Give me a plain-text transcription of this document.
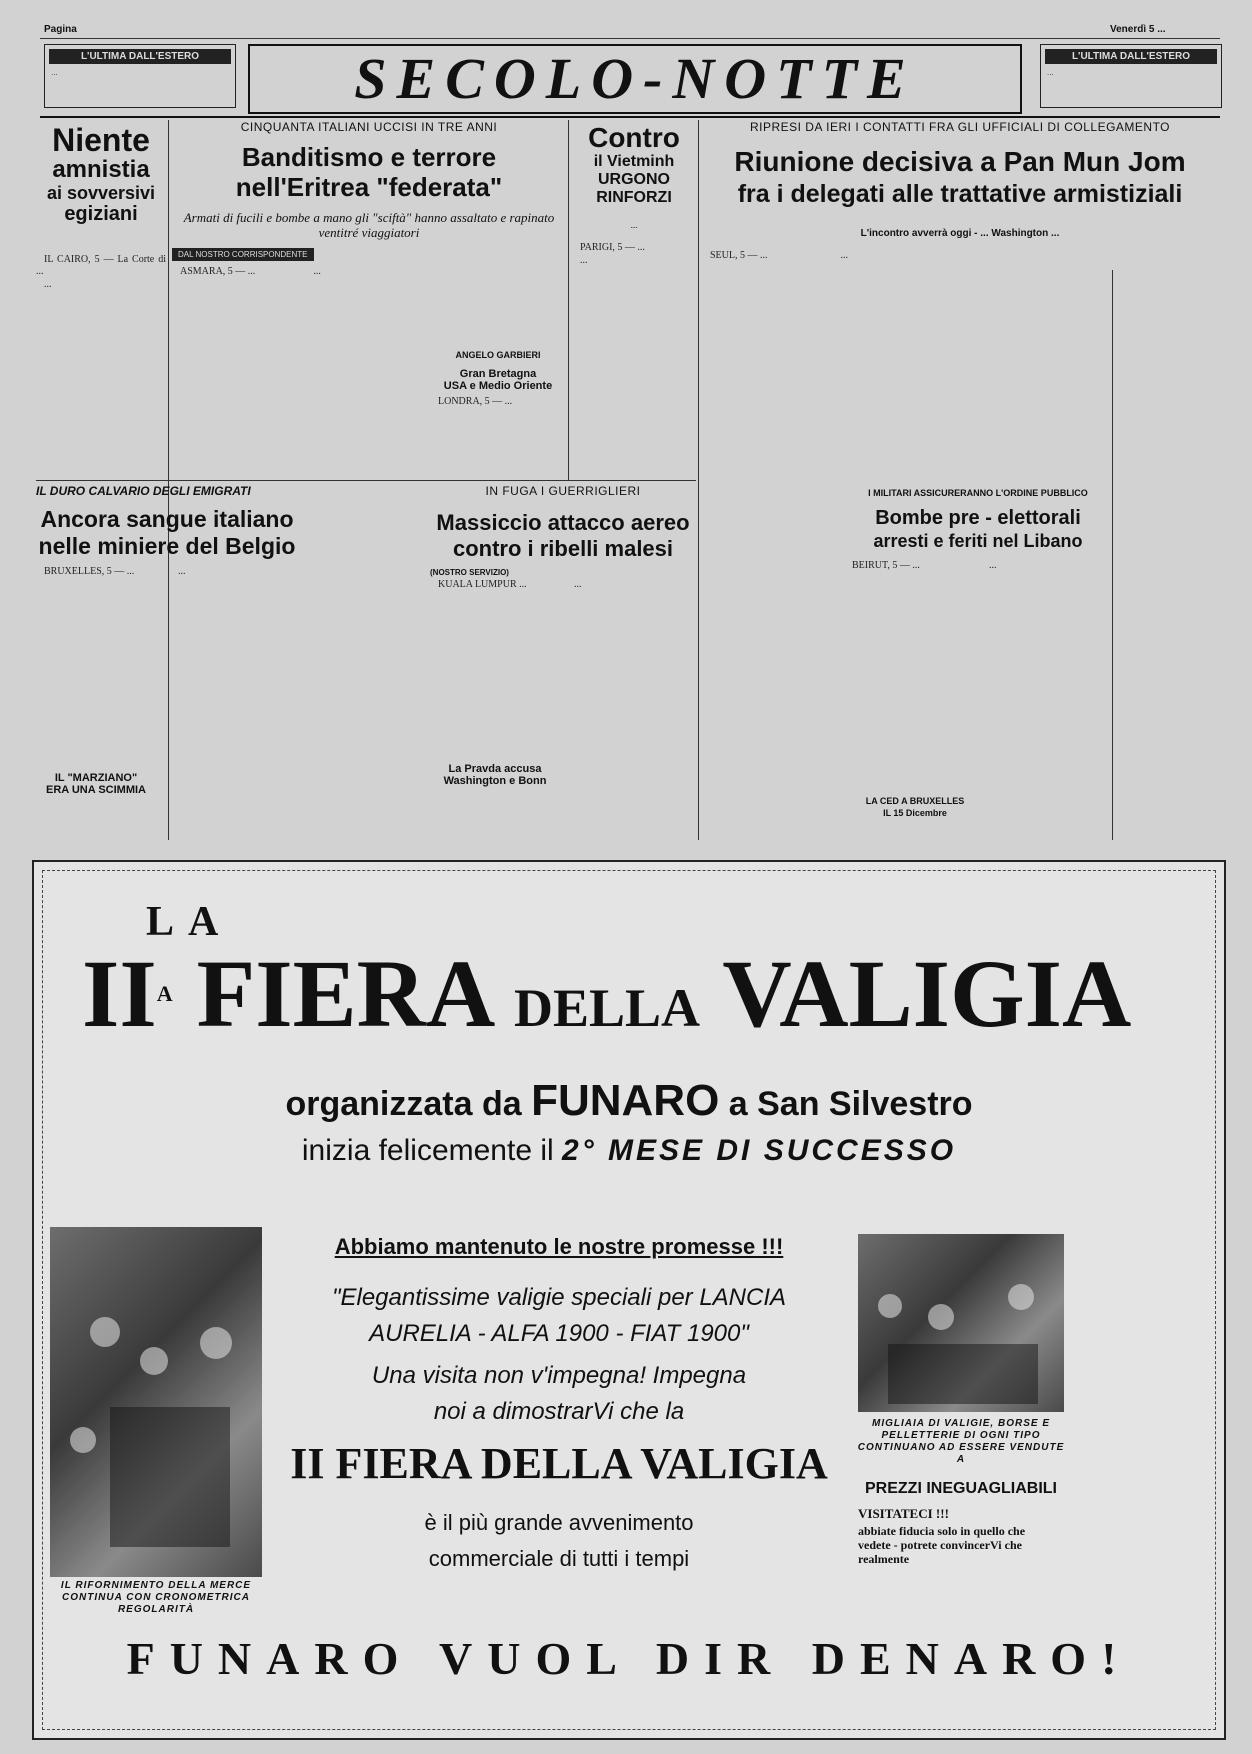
Pagina	Venerdì 5 ...
L'ULTIMA DALL'ESTERO
...	SECOLO-NOTTE	L'ULTIMA DALL'ESTERO
...
Niente
amnistia
ai sovversivi
egiziani

IL CAIRO, 5 — La Corte di ...

...

CINQUANTA ITALIANI UCCISI IN TRE ANNI
Banditismo e terrore
nell'Eritrea "federata"
Armati di fucili e bombe a mano gli "sciftà" hanno assaltato e rapinato ventitré viaggiatori
DAL NOSTRO CORRISPONDENTE

ASMARA, 5 — ...	...

ANGELO GARBIERI
Gran Bretagna
USA e Medio Oriente

LONDRA, 5 — ...

Contro
il Vietminh
URGONO
RINFORZI
...

PARIGI, 5 — ...

...

RIPRESI DA IERI I CONTATTI FRA GLI UFFICIALI DI COLLEGAMENTO
Riunione decisiva a Pan Mun Jom
fra i delegati alle trattative armistiziali
L'incontro avverrà oggi - ... Washington ...

SEUL, 5 — ...	...

IL DURO CALVARIO DEGLI EMIGRATI
Ancora sangue italiano
nelle miniere del Belgio

BRUXELLES, 5 — ...	...

IL "MARZIANO"
ERA UNA SCIMMIA
IN FUGA I GUERRIGLIERI
Massiccio attacco aereo
contro i ribelli malesi
(NOSTRO SERVIZIO)

KUALA LUMPUR ...	...

La Pravda accusa
Washington e Bonn
I MILITARI ASSICURERANNO L'ORDINE PUBBLICO
Bombe pre - elettorali
arresti e feriti nel Libano

BEIRUT, 5 — ...	...

LA CED A BRUXELLES
IL 15 Dicembre
LA
$II^A$ FIERA DELLA VALIGIA
organizzata da FUNARO a San Silvestro
inizia felicemente il 2° MESE DI SUCCESSO
IL RIFORNIMENTO DELLA MERCE CONTINUA CON CRONOMETRICA REGOLARITÀ
MIGLIAIA DI VALIGIE, BORSE E PELLETTERIE DI OGNI TIPO CONTINUANO AD ESSERE VENDUTE A
PREZZI INEGUAGLIABILI
VISITATECI !!!
abbiate fiducia solo in quello che vedete - potrete convincerVi che realmente
Abbiamo mantenuto le nostre promesse !!!
"Elegantissime valigie speciali per LANCIA
AURELIA - ALFA 1900 - FIAT 1900"
Una visita non v'impegna! Impegna
noi a dimostrarVi che la
II FIERA DELLA VALIGIA
è il più grande avvenimento
commerciale di tutti i tempi
FUNARO VUOL DIR DENARO!
